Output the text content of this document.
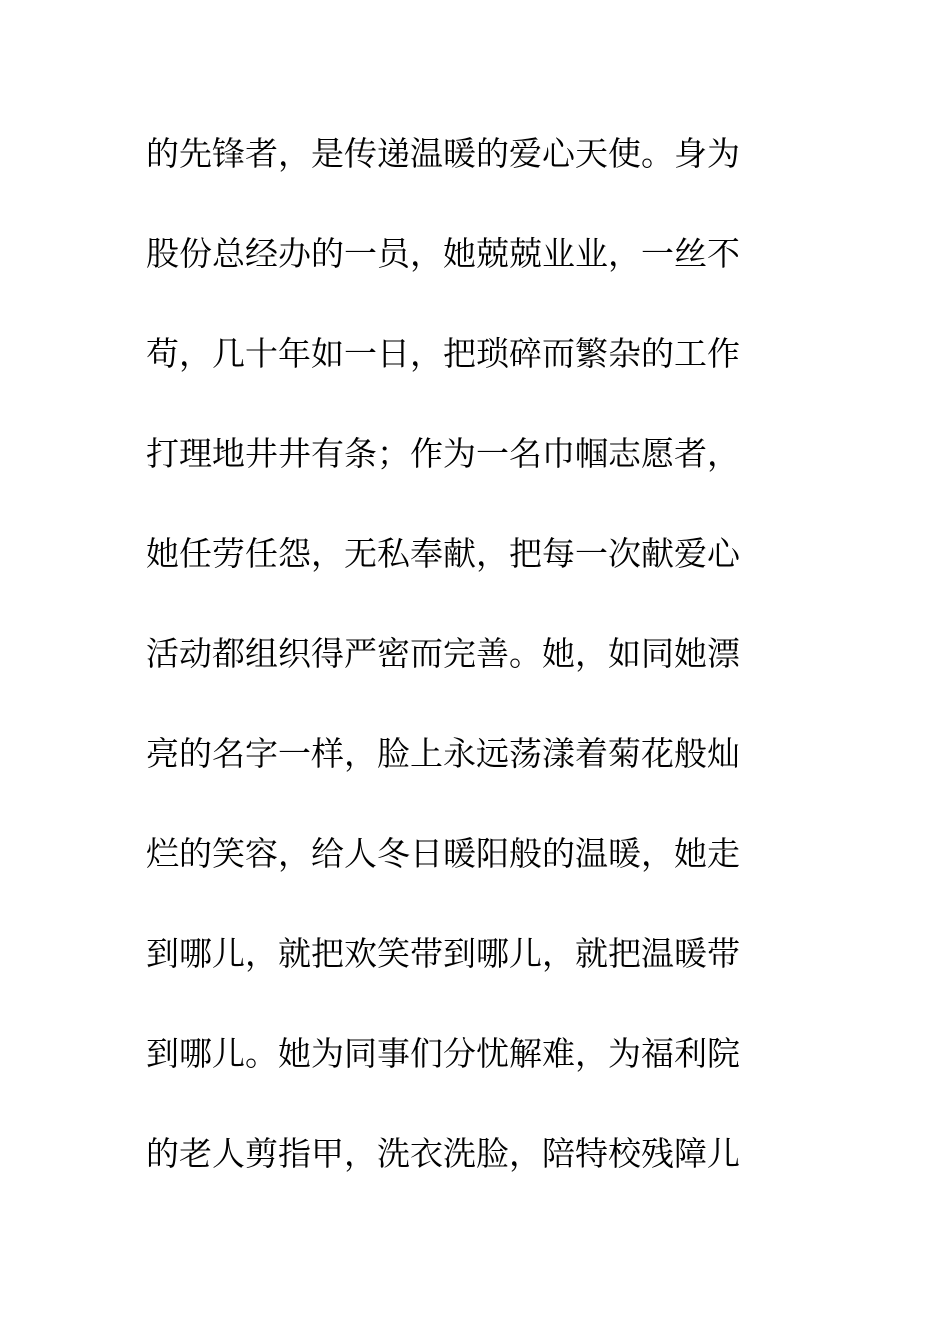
的先锋者，是传递温暖的爱心天使。身为
股份总经办的一员，她兢兢业业，一丝不
苟，几十年如一日，把琐碎而繁杂的工作
打理地井井有条；作为一名巾帼志愿者，
她任劳任怨，无私奉献，把每一次献爱心
活动都组织得严密而完善。她，如同她漂
亮的名字一样，脸上永远荡漾着菊花般灿
烂的笑容，给人冬日暖阳般的温暖，她走
到哪儿，就把欢笑带到哪儿，就把温暖带
到哪儿。她为同事们分忧解难，为福利院
的老人剪指甲，洗衣洗脸，陪特校残障儿
